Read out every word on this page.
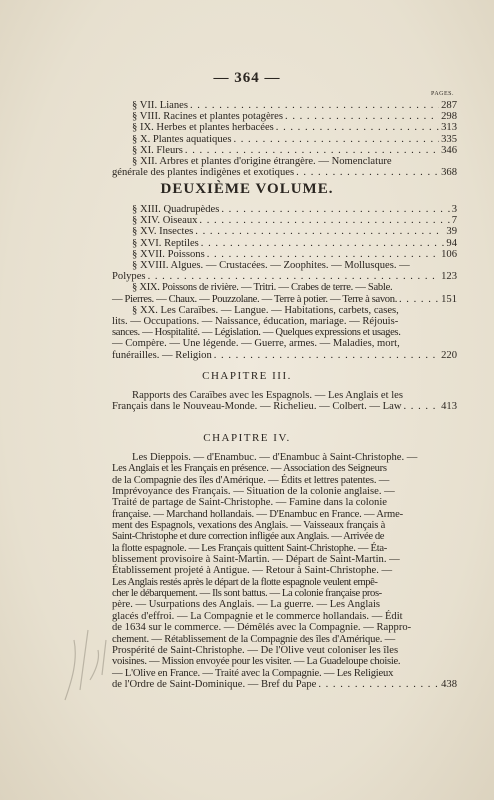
— 364 —
PAGES.
§ VII. Lianes . . .	287
§ VIII. Racines et plantes potagères . . .	298
§ IX. Herbes et plantes herbacées . . .	313
§ X. Plantes aquatiques . . .	335
§ XI. Fleurs . . .	346
§ XII. Arbres et plantes d'origine étrangère. — Nomenclature
générale des plantes indigènes et exotiques . . .	368
DEUXIÈME VOLUME.
§ XIII. Quadrupèdes . . .	3
§ XIV. Oiseaux . . .	7
§ XV. Insectes . . .	39
§ XVI. Reptiles . . .	94
§ XVII. Poissons . . .	106
§ XVIII. Algues. — Crustacées. — Zoophites. — Mollusques. —
Polypes . . .	123
§ XIX. Poissons de rivière. — Tritri. — Crabes de terre. — Sable.
— Pierres. — Chaux. — Pouzzolane. — Terre à potier. — Terre à savon. . . .	151
§ XX. Les Caraïbes. — Langue. — Habitations, carbets, cases,
lits. — Occupations. — Naissance, éducation, mariage. — Réjouis-
sances. — Hospitalité. — Législation. — Quelques expressions et usages.
— Compère. — Une légende. — Guerre, armes. — Maladies, mort,
funérailles. — Religion . . .	220
CHAPITRE III.
Rapports des Caraïbes avec les Espagnols. — Les Anglais et les
Français dans le Nouveau-Monde. — Richelieu. — Colbert. — Law . . .	413
CHAPITRE IV.
Les Dieppois. — d'Enambuc. — d'Enambuc à Saint-Christophe. —
Les Anglais et les Français en présence. — Association des Seigneurs
de la Compagnie des îles d'Amérique. — Édits et lettres patentes. —
Imprévoyance des Français. — Situation de la colonie anglaise. —
Traité de partage de Saint-Christophe. — Famine dans la colonie
française. — Marchand hollandais. — D'Enambuc en France. — Arme-
ment des Espagnols, vexations des Anglais. — Vaisseaux français à
Saint-Christophe et dure correction infligée aux Anglais. — Arrivée de
la flotte espagnole. — Les Français quittent Saint-Christophe. — Éta-
blissement provisoire à Saint-Martin. — Départ de Saint-Martin. —
Établissement projeté à Antigue. — Retour à Saint-Christophe. —
Les Anglais restés après le départ de la flotte espagnole veulent empê-
cher le débarquement. — Ils sont battus. — La colonie française pros-
père. — Usurpations des Anglais. — La guerre. — Les Anglais
glacés d'effroi. — La Compagnie et le commerce hollandais. — Édit
de 1634 sur le commerce. — Démêlés avec la Compagnie. — Rappro-
chement. — Rétablissement de la Compagnie des îles d'Amérique. —
Prospérité de Saint-Christophe. — De l'Olive veut coloniser les îles
voisines. — Mission envoyée pour les visiter. — La Guadeloupe choisie.
— L'Olive en France. — Traité avec la Compagnie. — Les Religieux
de l'Ordre de Saint-Dominique. — Bref du Pape . . .	438
